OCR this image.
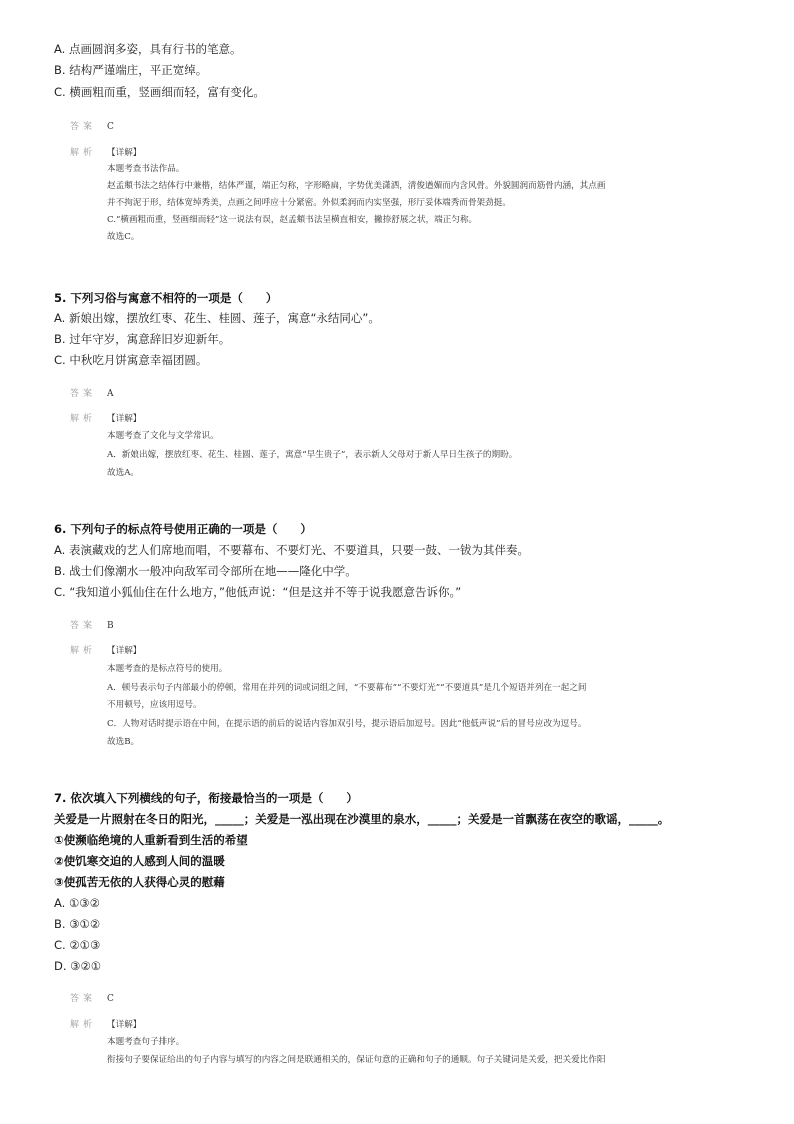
A. 点画圆润多姿，具有行书的笔意。
B. 结构严谨端庄，平正宽绰。
C. 横画粗而重，竖画细而轻，富有变化。
答案 C
解析 【详解】
本题考查书法作品。
赵孟頫书法之结体行中兼楷，结体严谨，端正匀称，字形略扁，字势优美潇洒，清俊遒媚而内含风骨。外貌圆润而筋骨内涵，其点画
并不拘泥于形，结体宽绰秀美，点画之间呼应十分紧密。外似柔润而内实坚强，形厅妥体端秀而骨架劲挺。
C.“横画粗而重，竖画细而轻”这一说法有误，赵孟頫书法呈横直相安，撇捺舒展之状，端正匀称。
故选C。
5. 下列习俗与寓意不相符的一项是（　　）
A. 新娘出嫁，摆放红枣、花生、桂圆、莲子，寓意“永结同心”。
B. 过年守岁，寓意辞旧岁迎新年。
C. 中秋吃月饼寓意幸福团圆。
答案 A
解析 【详解】
本题考查了文化与文学常识。
A．新娘出嫁，摆放红枣、花生、桂圆、莲子，寓意“早生贵子”，表示新人父母对于新人早日生孩子的期盼。
故选A。
6. 下列句子的标点符号使用正确的一项是（　　）
A. 表演藏戏的艺人们席地而唱，不要幕布、不要灯光、不要道具，只要一鼓、一钹为其伴奏。
B. 战士们像潮水一般冲向敌军司令部所在地——隆化中学。
C. “我知道小狐仙住在什么地方，”他低声说：“但是这并不等于说我愿意告诉你。”
答案 B
解析 【详解】
本题考查的是标点符号的使用。
A．顿号表示句子内部最小的停顿，常用在并列的词或词组之间，“不要幕布”“不要灯光”“不要道具”是几个短语并列在一起之间
不用顿号，应该用逗号。
C．人物对话时提示语在中间，在提示语的前后的说话内容加双引号，提示语后加逗号。因此“他低声说”后的冒号应改为逗号。
故选B。
7. 依次填入下列横线的句子，衔接最恰当的一项是（　　）
关爱是一片照射在冬日的阳光，_____；关爱是一泓出现在沙漠里的泉水，_____；关爱是一首飘荡在夜空的歌谣，_____。
①使濒临绝境的人重新看到生活的希望
②使饥寒交迫的人感到人间的温暖
③使孤苦无依的人获得心灵的慰藉
A. ①③②
B. ③①②
C. ②①③
D. ③②①
答案 C
解析 【详解】
本题考查句子排序。
衔接句子要保证给出的句子内容与填写的内容之间是联通相关的，保证句意的正确和句子的通顺。句子关键词是关爱，把关爱比作阳
